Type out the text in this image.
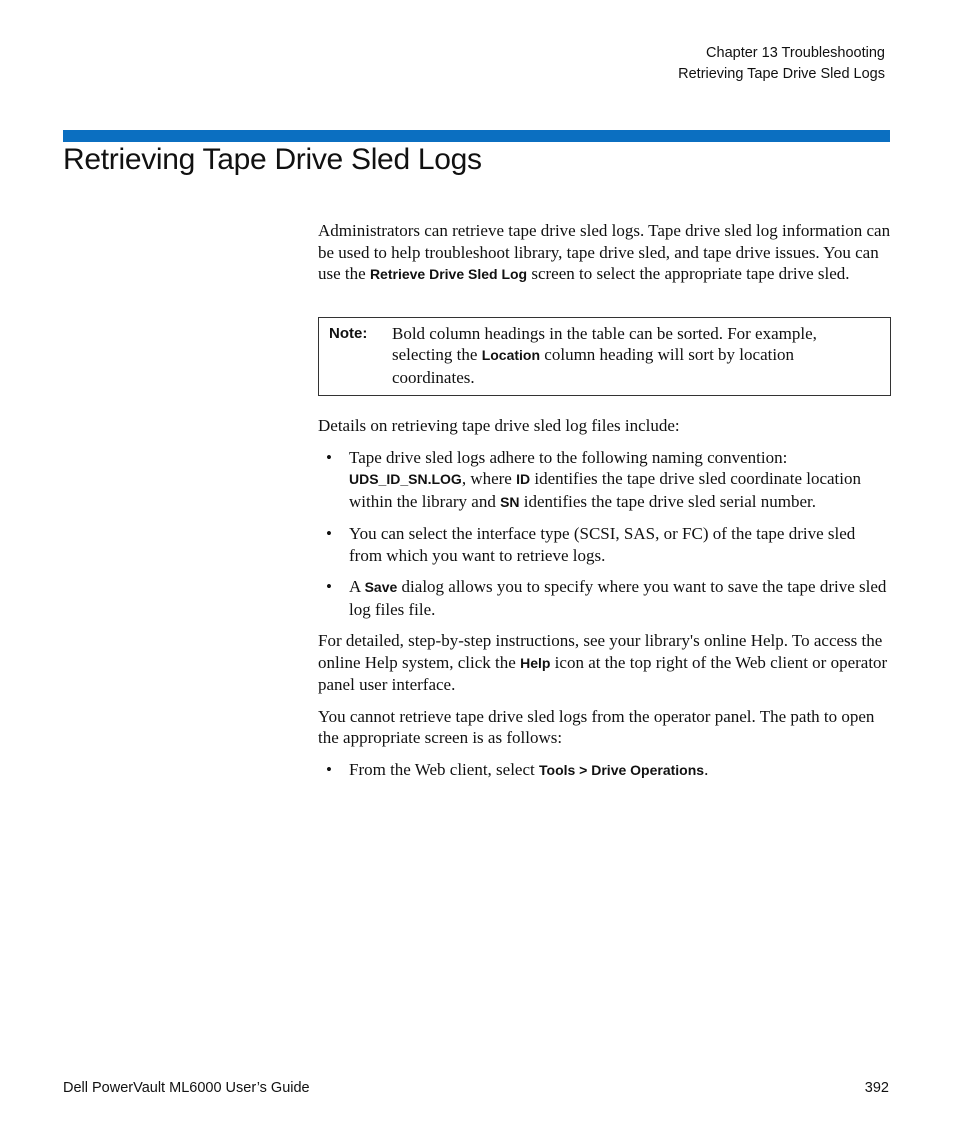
Chapter 13 Troubleshooting
Retrieving Tape Drive Sled Logs
Retrieving Tape Drive Sled Logs

Administrators can retrieve tape drive sled logs. Tape drive sled log information can be used to help troubleshoot library, tape drive sled, and tape drive issues. You can use the Retrieve Drive Sled Log screen to select the appropriate tape drive sled.

Note:	Bold column headings in the table can be sorted. For example, selecting the Location column heading will sort by location coordinates.

Details on retrieving tape drive sled log files include:

• Tape drive sled logs adhere to the following naming convention: UDS_ID_SN.LOG, where ID identifies the tape drive sled coordinate location within the library and SN identifies the tape drive sled serial number.
• You can select the interface type (SCSI, SAS, or FC) of the tape drive sled from which you want to retrieve logs.
• A Save dialog allows you to specify where you want to save the tape drive sled log files file.

For detailed, step-by-step instructions, see your library's online Help. To access the online Help system, click the Help icon at the top right of the Web client or operator panel user interface.

You cannot retrieve tape drive sled logs from the operator panel. The path to open the appropriate screen is as follows:

• From the Web client, select Tools > Drive Operations.
Dell PowerVault ML6000 User’s Guide	392
